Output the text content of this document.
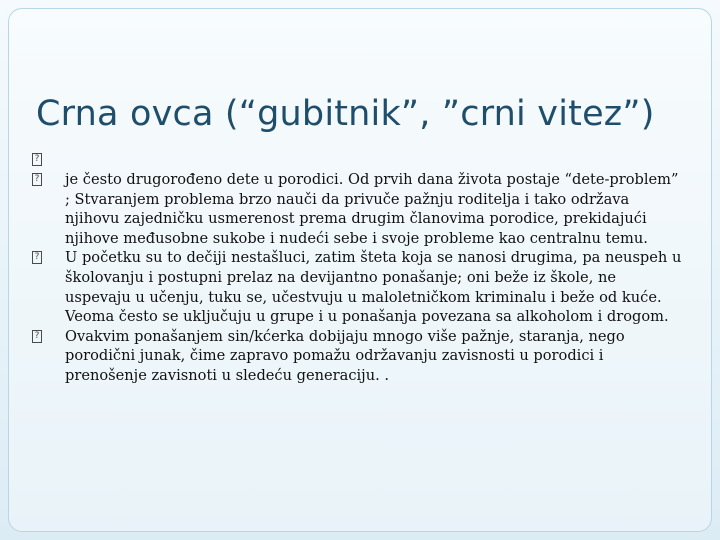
Crna ovca (“gubitnik”, ”crni vitez”)
?
? je često drugorođeno dete u porodici. Od prvih dana života postaje “dete-problem” ; Stvaranjem problema brzo nauči da privuče pažnju roditelja i tako održava njihovu zajedničku usmerenost prema drugim članovima porodice, prekidajući njihove međusobne sukobe i nudeći sebe i svoje probleme kao centralnu temu.
? U početku su to dečiji nestašluci, zatim šteta koja se nanosi drugima, pa neuspeh u školovanju i postupni prelaz na devijantno ponašanje; oni beže iz škole, ne uspevaju u učenju, tuku se, učestvuju u maloletničkom kriminalu i beže od kuće. Veoma često se uključuju u grupe i u ponašanja povezana sa alkoholom i drogom.
? Ovakvim ponašanjem sin/kćerka dobijaju mnogo više pažnje, staranja, nego porodični junak, čime zapravo pomažu održavanju zavisnosti u porodici i prenošenje zavisnoti u sledeću generaciju. .
